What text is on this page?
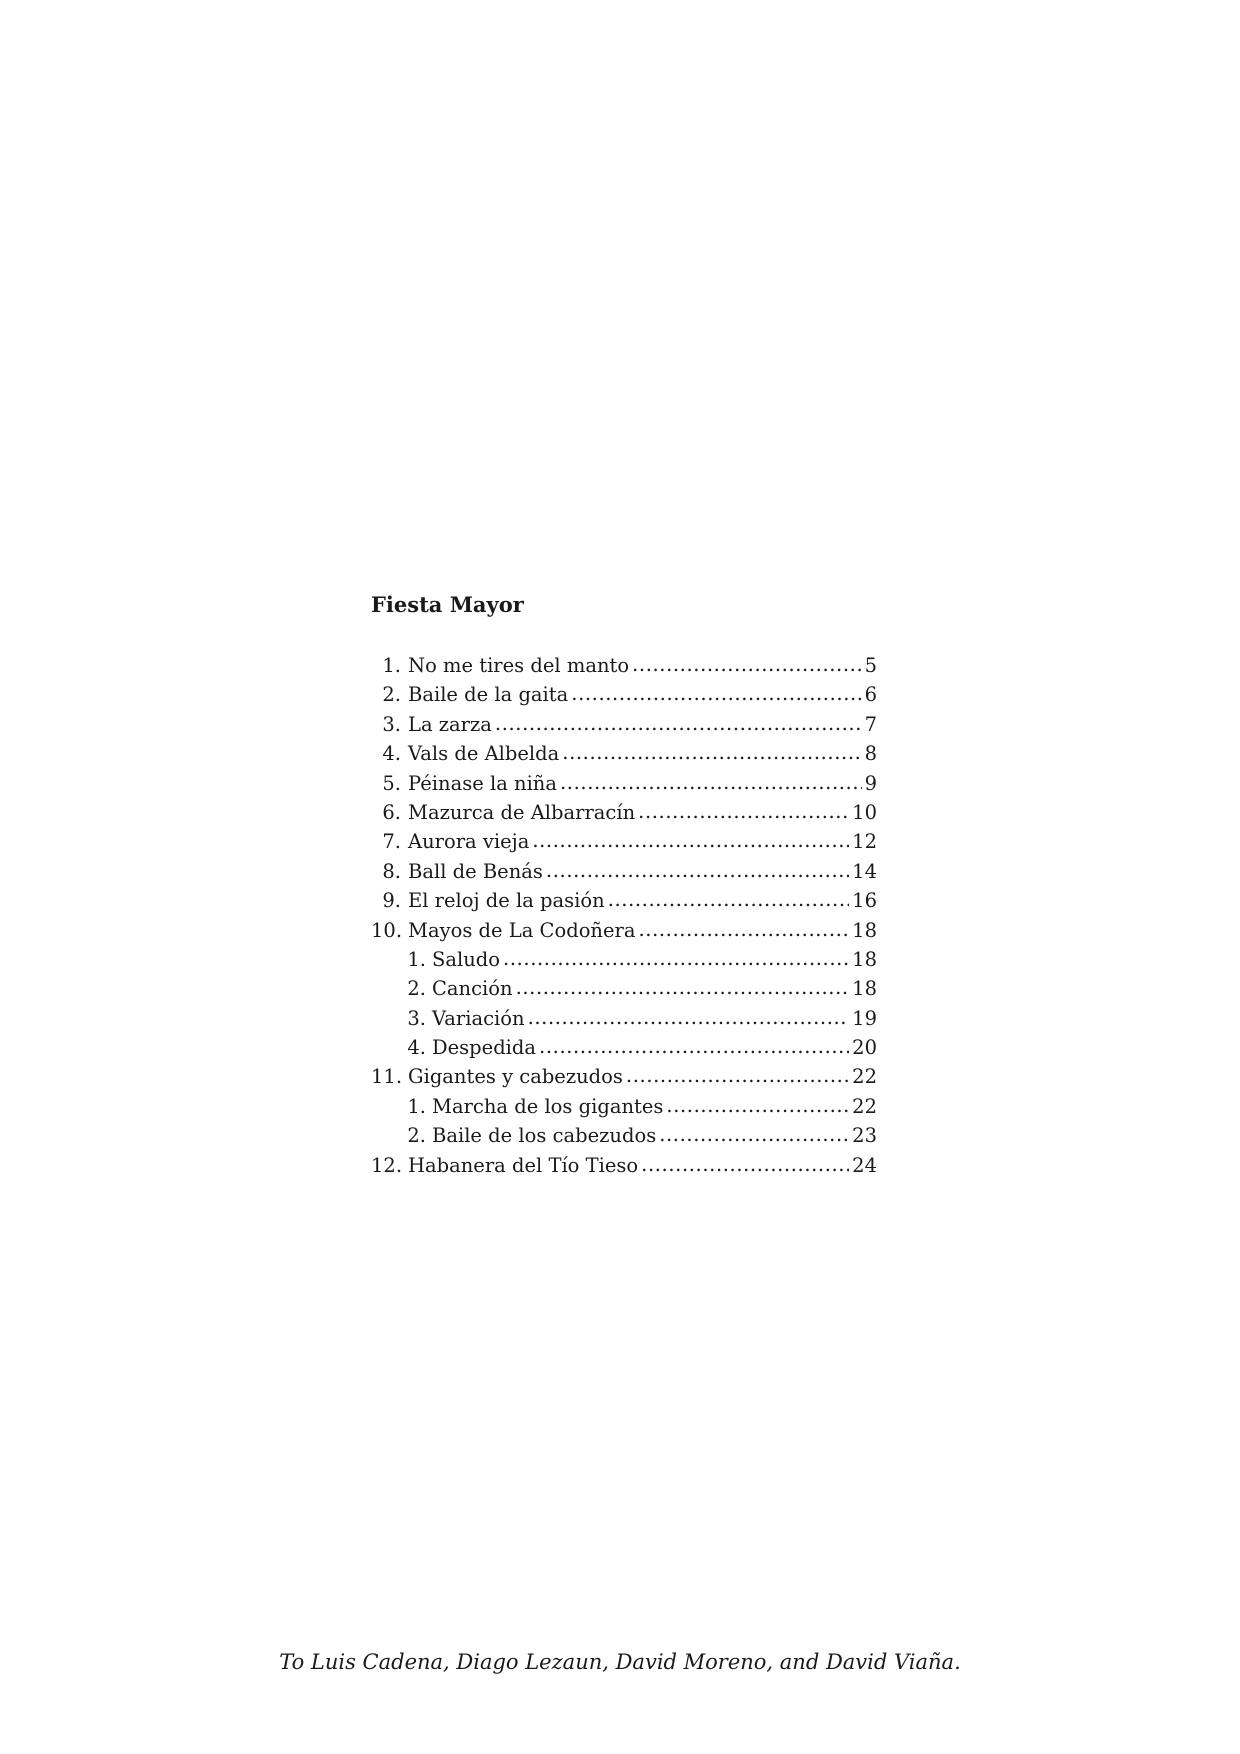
Fiesta Mayor
1. No me tires del manto .....	5
2. Baile de la gaita .....	6
3. La zarza .....	7
4. Vals de Albelda .....	8
5. Péinase la niña .....	9
6. Mazurca de Albarracín .....	10
7. Aurora vieja .....	12
8. Ball de Benás .....	14
9. El reloj de la pasión .....	16
10. Mayos de La Codoñera .....	18
1. Saludo .....	18
2. Canción .....	18
3. Variación .....	19
4. Despedida .....	20
11. Gigantes y cabezudos .....	22
1. Marcha de los gigantes .....	22
2. Baile de los cabezudos .....	23
12. Habanera del Tío Tieso .....	24

To Luis Cadena, Diago Lezaun, David Moreno, and David Viaña.
